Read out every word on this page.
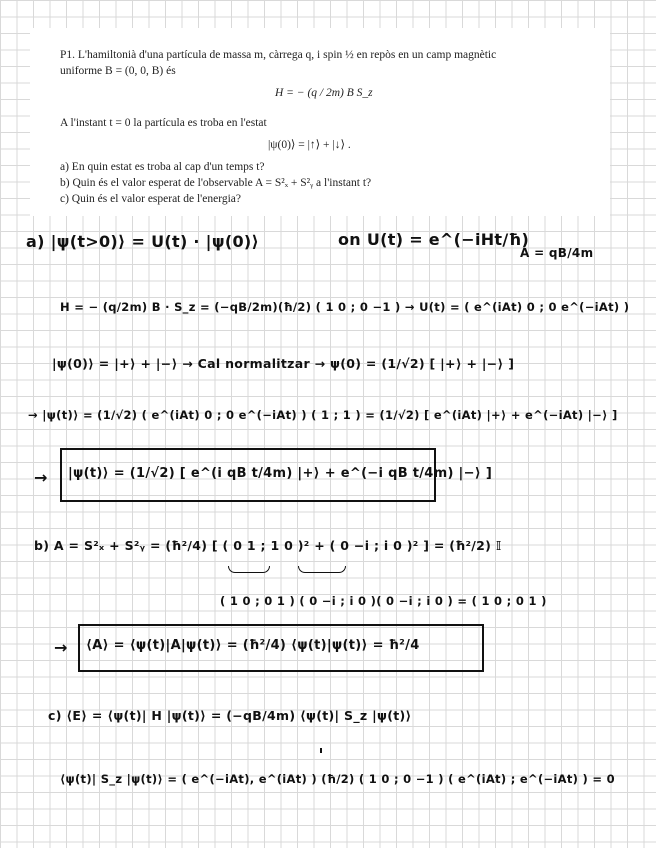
P1. L'hamiltonià d'una partícula de massa m, càrrega q, i spin ½ en repòs en un camp magnètic
uniforme B = (0, 0, B) és
H = − (q / 2m) B S_z
A l'instant t = 0 la partícula es troba en l'estat
|ψ(0)⟩ = |↑⟩ + |↓⟩ .
a) En quin estat es troba al cap d'un temps t?
b) Quin és el valor esperat de l'observable A = S²ₓ + S²ᵧ a l'instant t?
c) Quin és el valor esperat de l'energia?
a) |ψ(t>0)⟩ = U(t) · |ψ(0)⟩	on U(t) = e^(−iHt/ħ)
A = qB/4m
H = − (q/2m) B · S_z = (−qB/2m)(ħ/2) ( 1 0 ; 0 −1 ) → U(t) = ( e^(iAt) 0 ; 0 e^(−iAt) )
|ψ(0)⟩ = |+⟩ + |−⟩ → Cal normalitzar → ψ(0) = (1/√2) [ |+⟩ + |−⟩ ]
→ |ψ(t)⟩ = (1/√2) ( e^(iAt) 0 ; 0 e^(−iAt) ) ( 1 ; 1 ) = (1/√2) [ e^(iAt) |+⟩ + e^(−iAt) |−⟩ ]
→ |ψ(t)⟩ = (1/√2) [ e^(i qB t/4m) |+⟩ + e^(−i qB t/4m) |−⟩ ]
b) A = S²ₓ + S²ᵧ = (ħ²/4) [ ( 0 1 ; 1 0 )² + ( 0 −i ; i 0 )² ] = (ħ²/2) 𝕀
( 1 0 ; 0 1 ) ( 0 −i ; i 0 )( 0 −i ; i 0 ) = ( 1 0 ; 0 1 )
→ ⟨A⟩ = ⟨ψ(t)|A|ψ(t)⟩ = (ħ²/4) ⟨ψ(t)|ψ(t)⟩ = ħ²/4
c) ⟨E⟩ = ⟨ψ(t)| H |ψ(t)⟩ = (−qB/4m) ⟨ψ(t)| S_z |ψ(t)⟩
⟨ψ(t)| S_z |ψ(t)⟩ = ( e^(−iAt), e^(iAt) ) (ħ/2) ( 1 0 ; 0 −1 ) ( e^(iAt) ; e^(−iAt) ) = 0
